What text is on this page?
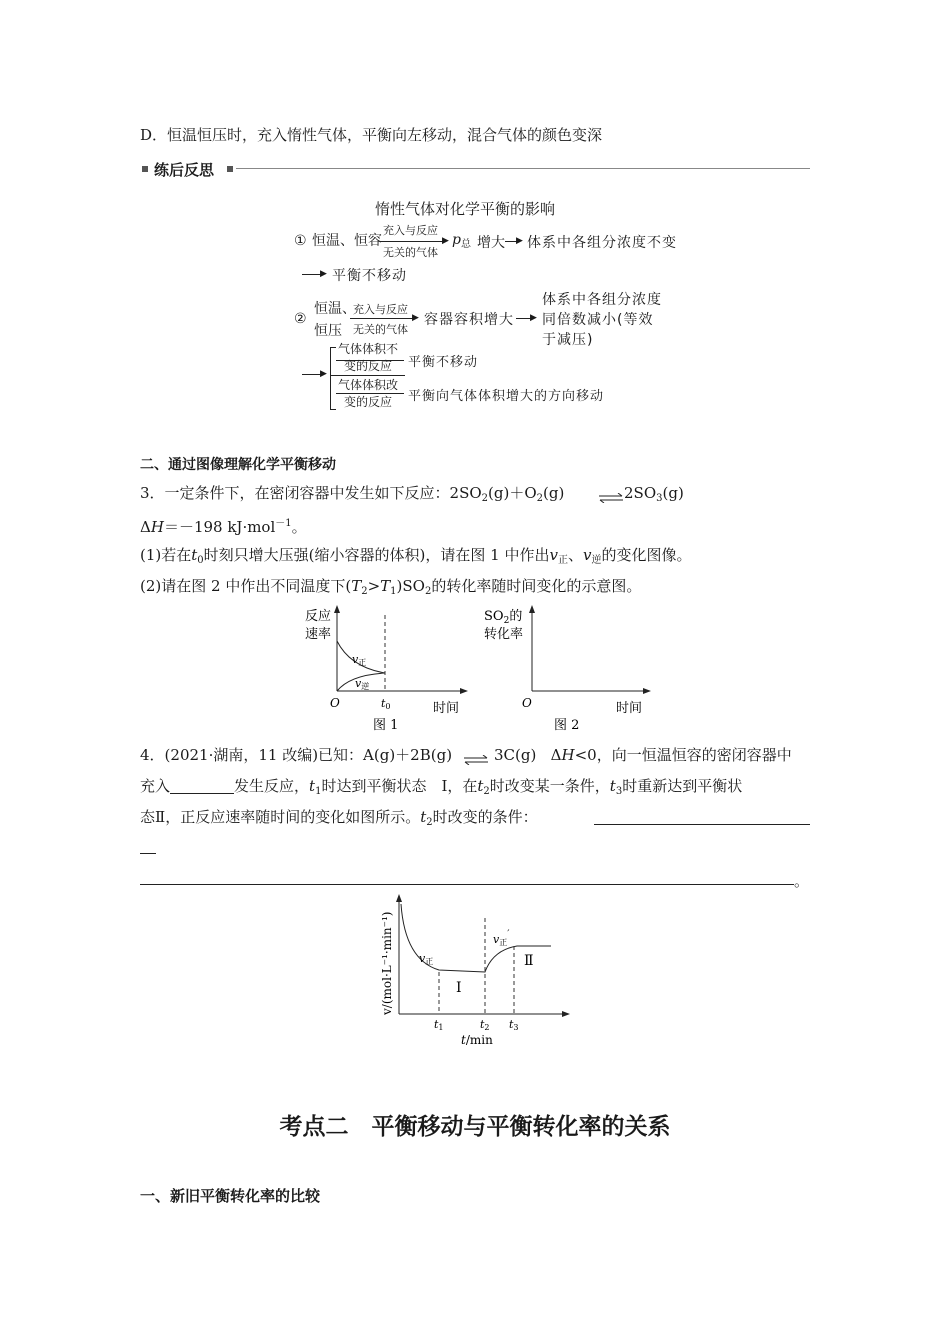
D．恒温恒压时，充入惰性气体，平衡向左移动，混合气体的颜色变深
练后反思
惰性气体对化学平衡的影响
① 恒温、恒容
充入与反应
无关的气体
▶ $p_总$ 增大 ▶ 体系中各组分浓度不变
▶ 平衡不移动
②
恒温、
恒压
充入与反应
无关的气体
▶ 容器容积增大 ▶
体系中各组分浓度
同倍数减小(等效
于减压)
▶
气体体积不
变的反应	平衡不移动
气体体积改
变的反应	平衡向气体体积增大的方向移动
二、通过图像理解化学平衡移动
3．一定条件下，在密闭容器中发生如下反应：$2SO_2(g)+O_2(g)$ ⇌ $2SO_3(g)$
ΔH＝－198 kJ·mol$^{-1}$。
(1)若在$t_0$时刻只增大压强(缩小容器的体积)，请在图 1 中作出$v_正$、$v_逆$的变化图像。
(2)请在图 2 中作出不同温度下$(T_2>T_1)SO_2$的转化率随时间变化的示意图。
反应
速率
v正
v逆
O	t0	时间
图 1
$SO_2$的
转化率
O	时间
图 2
4．(2021·湖南，11 改编)已知：A(g)＋2B(g) ⇌ 3C(g) ΔH<0，向一恒温恒容的密闭容器中
充入	发生反应，$t_1$时达到平衡状态　Ⅰ，在$t_2$时改变某一条件，$t_3$时重新达到平衡状
态Ⅱ，正反应速率随时间的变化如图所示。$t_2$时改变的条件：
。
v/(mol·L⁻¹·min⁻¹) v正
v正′
Ⅰ
Ⅱ
t1	t2 t3
t/min
考点二　平衡移动与平衡转化率的关系
一、新旧平衡转化率的比较
